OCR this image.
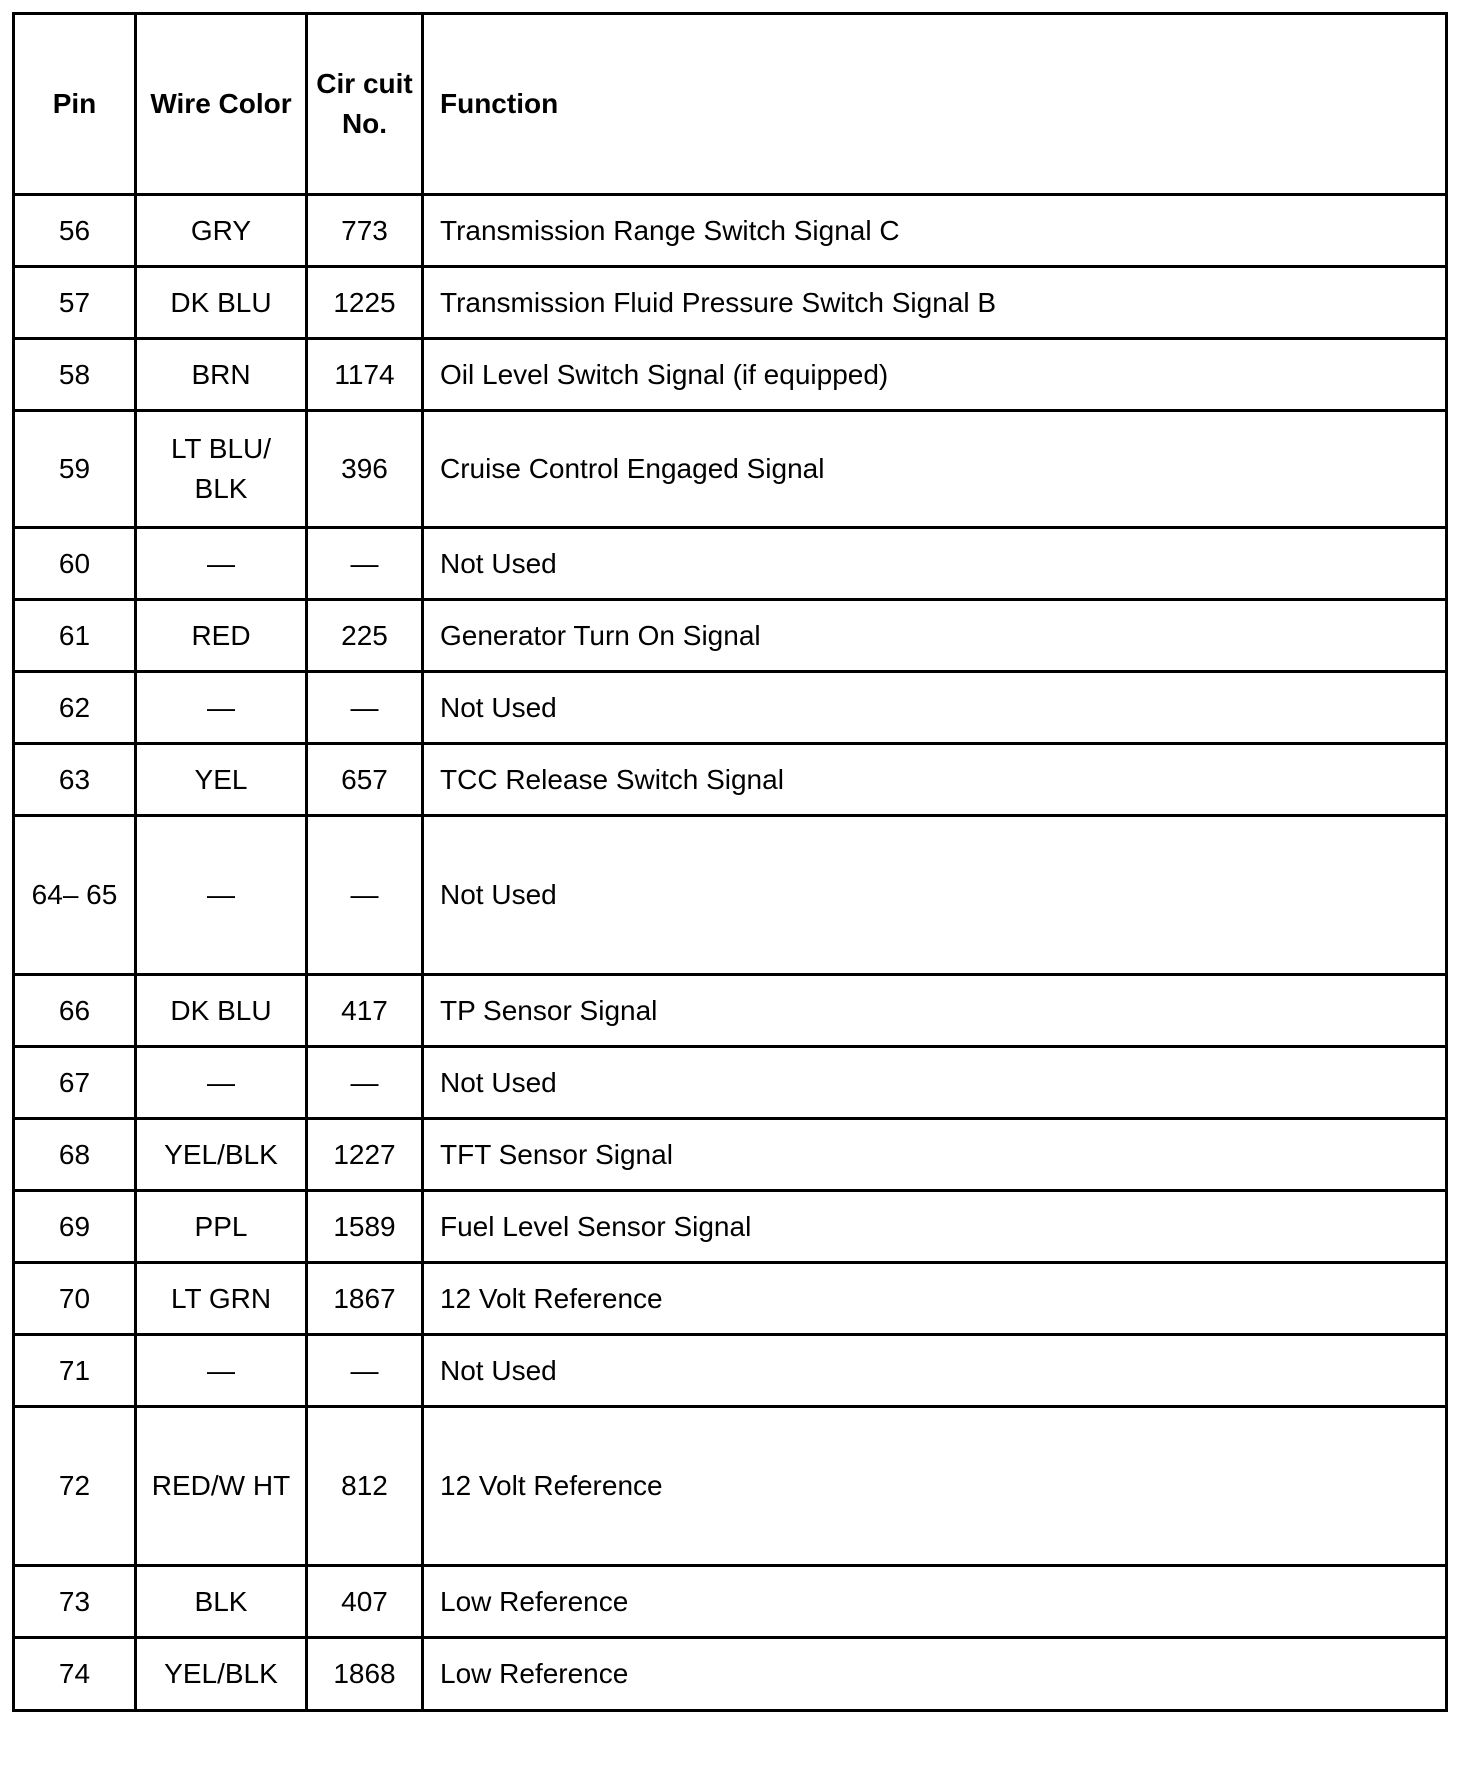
Pin	Wire Color	Cir cuit No.	Function
56	GRY	773	Transmission Range Switch Signal C
57	DK BLU	1225	Transmission Fluid Pressure Switch Signal B
58	BRN	1174	Oil Level Switch Signal (if equipped)
59	LT BLU/ BLK	396	Cruise Control Engaged Signal
60	—	—	Not Used
61	RED	225	Generator Turn On Signal
62	—	—	Not Used
63	YEL	657	TCC Release Switch Signal
64– 65	—	—	Not Used
66	DK BLU	417	TP Sensor Signal
67	—	—	Not Used
68	YEL/BLK	1227	TFT Sensor Signal
69	PPL	1589	Fuel Level Sensor Signal
70	LT GRN	1867	12 Volt Reference
71	—	—	Not Used
72	RED/W HT	812	12 Volt Reference
73	BLK	407	Low Reference
74	YEL/BLK	1868	Low Reference
